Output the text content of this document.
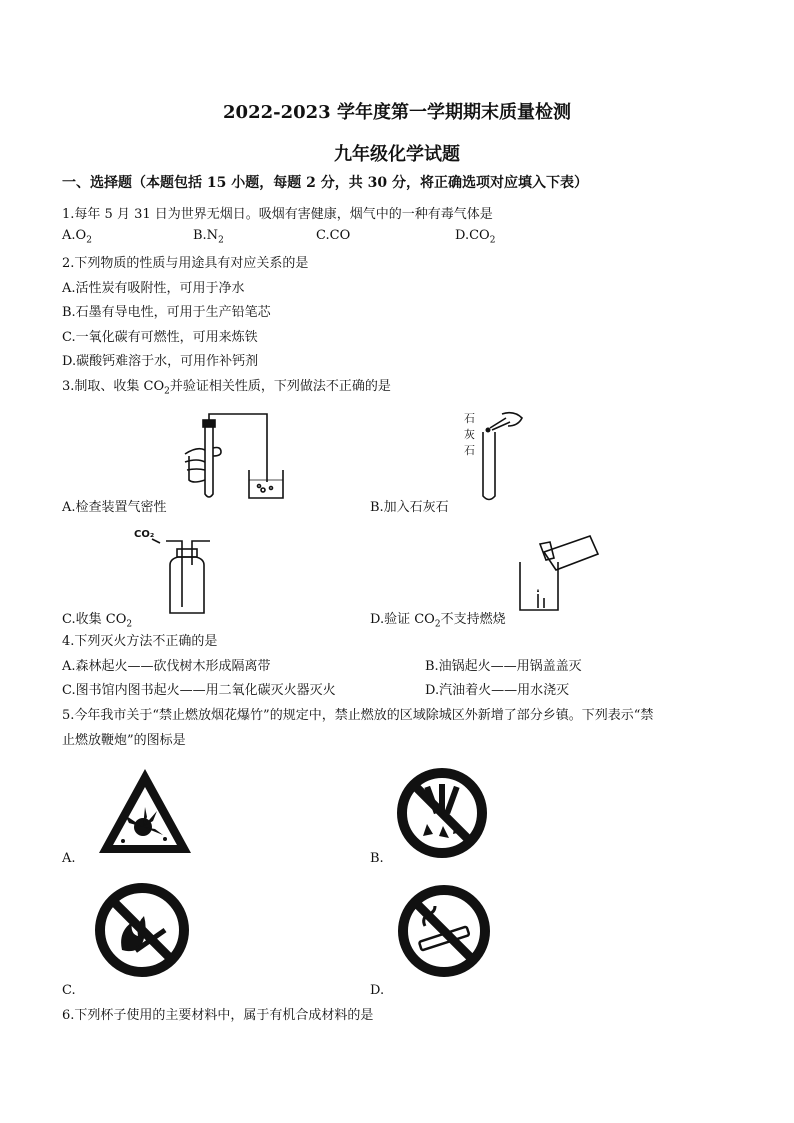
2022-2023 学年度第一学期期末质量检测
九年级化学试题
一、选择题（本题包括 15 小题，每题 2 分，共 30 分，将正确选项对应填入下表）
1.每年 5 月 31 日为世界无烟日。吸烟有害健康，烟气中的一种有毒气体是
$A.O_2$	$B.N_2$	C.CO	$D.CO_2$
2.下列物质的性质与用途具有对应关系的是
A.活性炭有吸附性，可用于净水
B.石墨有导电性，可用于生产铅笔芯
C.一氧化碳有可燃性，可用来炼铁
D.碳酸钙难溶于水，可用作补钙剂
3.制取、收集 $CO_2$并验证相关性质，下列做法不正确的是
A.检查装置气密性
石
灰
石
B.加入石灰石
CO₂
C.收集 $CO_2$	D.验证 $CO_2$不支持燃烧
4.下列灭火方法不正确的是
A.森林起火——砍伐树木形成隔离带	B.油锅起火——用锅盖盖灭
C.图书馆内图书起火——用二氧化碳灭火器灭火	D.汽油着火——用水浇灭
5.今年我市关于“禁止燃放烟花爆竹”的规定中，禁止燃放的区域除城区外新增了部分乡镇。下列表示“禁
止燃放鞭炮”的图标是
A.	B.
C.	D.
6.下列杯子使用的主要材料中，属于有机合成材料的是
